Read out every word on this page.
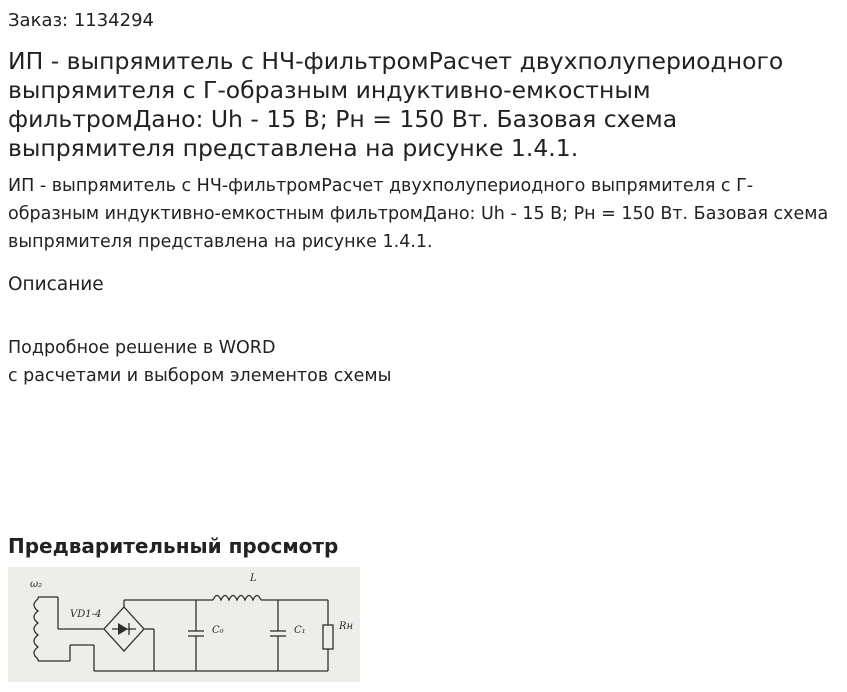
Заказ: 1134294
ИП - выпрямитель с НЧ-фильтромРасчет двухполупериодного выпрямителя с Г-образным индуктивно-емкостным фильтромДано: Uh - 15 В; Рн = 150 Вт. Базовая схема выпрямителя представлена на рисунке 1.4.1.

ИП - выпрямитель с НЧ-фильтромРасчет двухполупериодного выпрямителя с Г-образным индуктивно-емкостным фильтромДано: Uh - 15 В; Рн = 150 Вт. Базовая схема выпрямителя представлена на рисунке 1.4.1.

Описание
Подробное решение в WORD
с расчетами и выбором элементов схемы
Предварительный просмотр
ω₂
VD1-4
L
C₀	C₁	Rн
